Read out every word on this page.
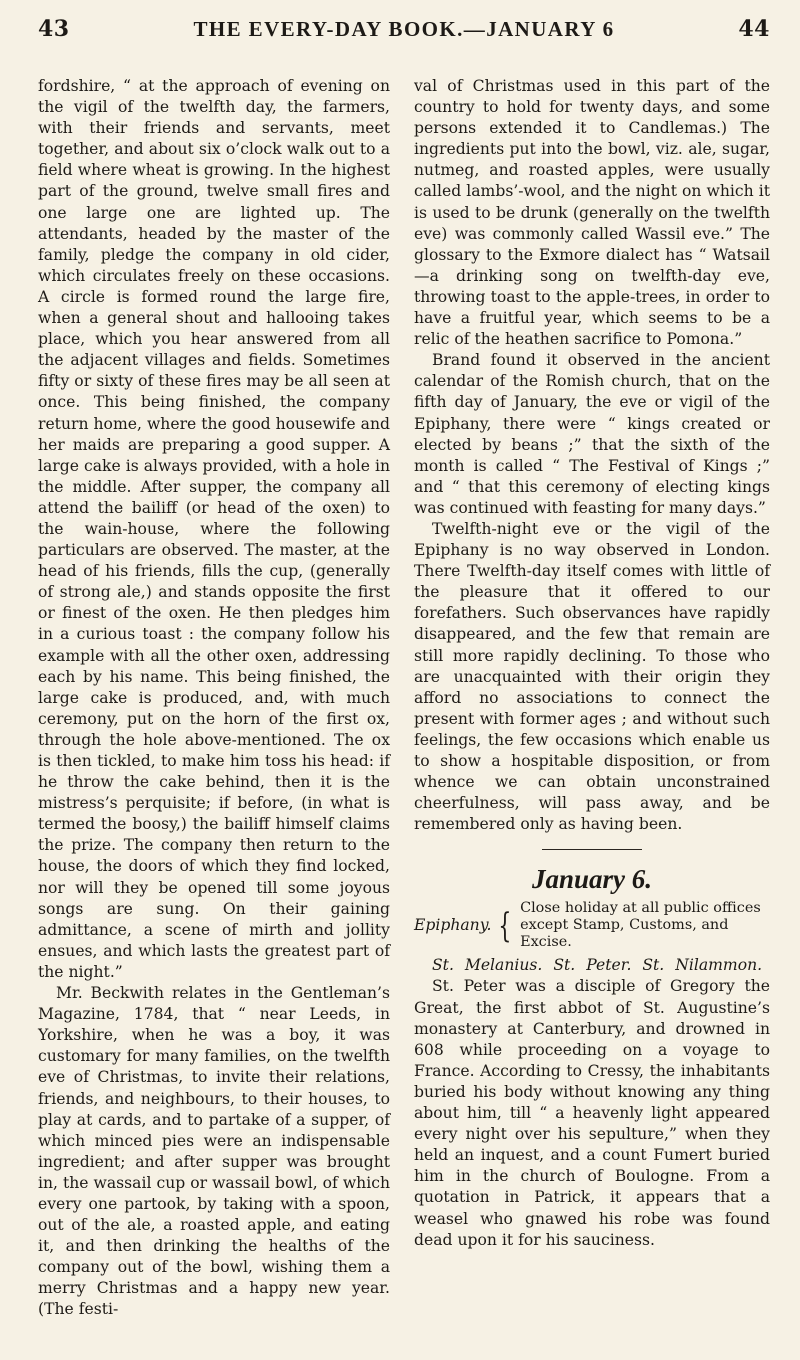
43	THE EVERY-DAY BOOK.—JANUARY 6	44

fordshire, “ at the approach of evening on the vigil of the twelfth day, the farmers, with their friends and servants, meet together, and about six o’clock walk out to a field where wheat is growing. In the highest part of the ground, twelve small fires and one large one are lighted up. The attendants, headed by the master of the family, pledge the company in old cider, which circulates freely on these occasions. A circle is formed round the large fire, when a general shout and hallooing takes place, which you hear answered from all the adjacent villages and fields. Sometimes fifty or sixty of these fires may be all seen at once. This being finished, the company return home, where the good housewife and her maids are preparing a good supper. A large cake is always provided, with a hole in the middle. After supper, the company all attend the bailiff (or head of the oxen) to the wain-house, where the following particulars are observed. The master, at the head of his friends, fills the cup, (generally of strong ale,) and stands opposite the first or finest of the oxen. He then pledges him in a curious toast : the company follow his example with all the other oxen, addressing each by his name. This being finished, the large cake is produced, and, with much ceremony, put on the horn of the first ox, through the hole above-mentioned. The ox is then tickled, to make him toss his head: if he throw the cake behind, then it is the mistress’s perquisite; if before, (in what is termed the boosy,) the bailiff himself claims the prize. The company then return to the house, the doors of which they find locked, nor will they be opened till some joyous songs are sung. On their gaining admittance, a scene of mirth and jollity ensues, and which lasts the greatest part of the night.”

Mr. Beckwith relates in the Gentleman’s Magazine, 1784, that “ near Leeds, in Yorkshire, when he was a boy, it was customary for many families, on the twelfth eve of Christmas, to invite their relations, friends, and neighbours, to their houses, to play at cards, and to partake of a supper, of which minced pies were an indispensable ingredient; and after supper was brought in, the wassail cup or wassail bowl, of which every one partook, by taking with a spoon, out of the ale, a roasted apple, and eating it, and then drinking the healths of the company out of the bowl, wishing them a merry Christmas and a happy new year. (The festi-

val of Christmas used in this part of the country to hold for twenty days, and some persons extended it to Candlemas.) The ingredients put into the bowl, viz. ale, sugar, nutmeg, and roasted apples, were usually called lambs’-wool, and the night on which it is used to be drunk (generally on the twelfth eve) was commonly called Wassil eve.” The glossary to the Exmore dialect has “ Watsail—a drinking song on twelfth-day eve, throwing toast to the apple-trees, in order to have a fruitful year, which seems to be a relic of the heathen sacrifice to Pomona.”

Brand found it observed in the ancient calendar of the Romish church, that on the fifth day of January, the eve or vigil of the Epiphany, there were “ kings created or elected by beans ;” that the sixth of the month is called “ The Festival of Kings ;” and “ that this ceremony of electing kings was continued with feasting for many days.”

Twelfth-night eve or the vigil of the Epiphany is no way observed in London. There Twelfth-day itself comes with little of the pleasure that it offered to our forefathers. Such observances have rapidly disappeared, and the few that remain are still more rapidly declining. To those who are unacquainted with their origin they afford no associations to connect the present with former ages ; and without such feelings, the few occasions which enable us to show a hospitable disposition, or from whence we can obtain unconstrained cheerfulness, will pass away, and be remembered only as having been.

January 6.
Epiphany. { Close holiday at all public offices except Stamp, Customs, and Excise.

St. Melanius. St. Peter. St. Nilammon.

St. Peter was a disciple of Gregory the Great, the first abbot of St. Augustine’s monastery at Canterbury, and drowned in 608 while proceeding on a voyage to France. According to Cressy, the inhabitants buried his body without knowing any thing about him, till “ a heavenly light appeared every night over his sepulture,” when they held an inquest, and a count Fumert buried him in the church of Boulogne. From a quotation in Patrick, it appears that a weasel who gnawed his robe was found dead upon it for his sauciness.
